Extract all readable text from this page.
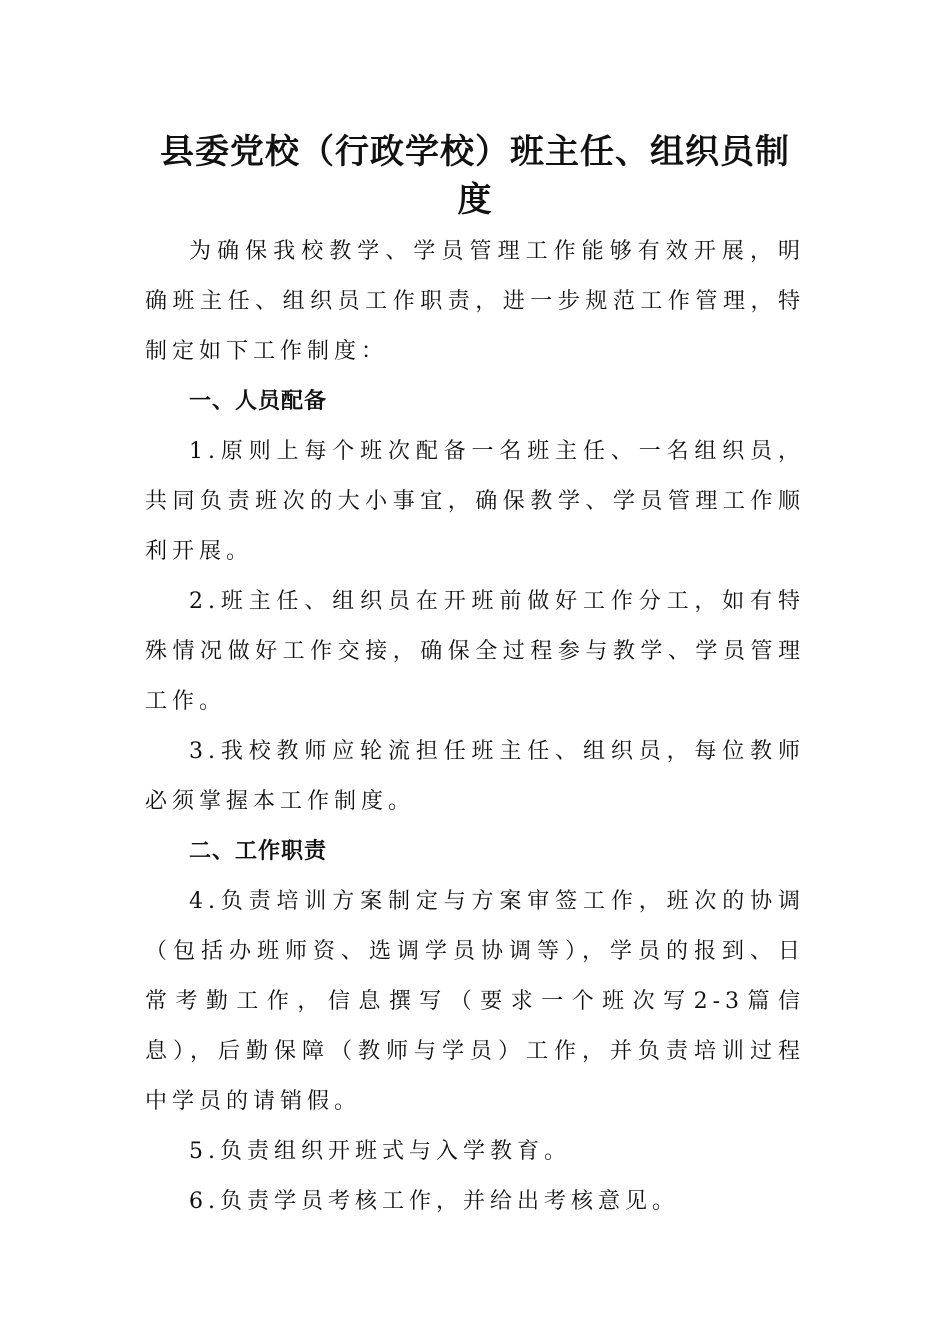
县委党校（行政学校）班主任、组织员制度

为确保我校教学、学员管理工作能够有效开展，明确班主任、组织员工作职责，进一步规范工作管理，特制定如下工作制度：

一、人员配备

1.原则上每个班次配备一名班主任、一名组织员，共同负责班次的大小事宜，确保教学、学员管理工作顺利开展。

2.班主任、组织员在开班前做好工作分工，如有特殊情况做好工作交接，确保全过程参与教学、学员管理工作。

3.我校教师应轮流担任班主任、组织员，每位教师必须掌握本工作制度。

二、工作职责

4.负责培训方案制定与方案审签工作，班次的协调（包括办班师资、选调学员协调等），学员的报到、日常考勤工作，信息撰写（要求一个班次写2-3篇信息），后勤保障（教师与学员）工作，并负责培训过程中学员的请销假。

5.负责组织开班式与入学教育。

6.负责学员考核工作，并给出考核意见。
